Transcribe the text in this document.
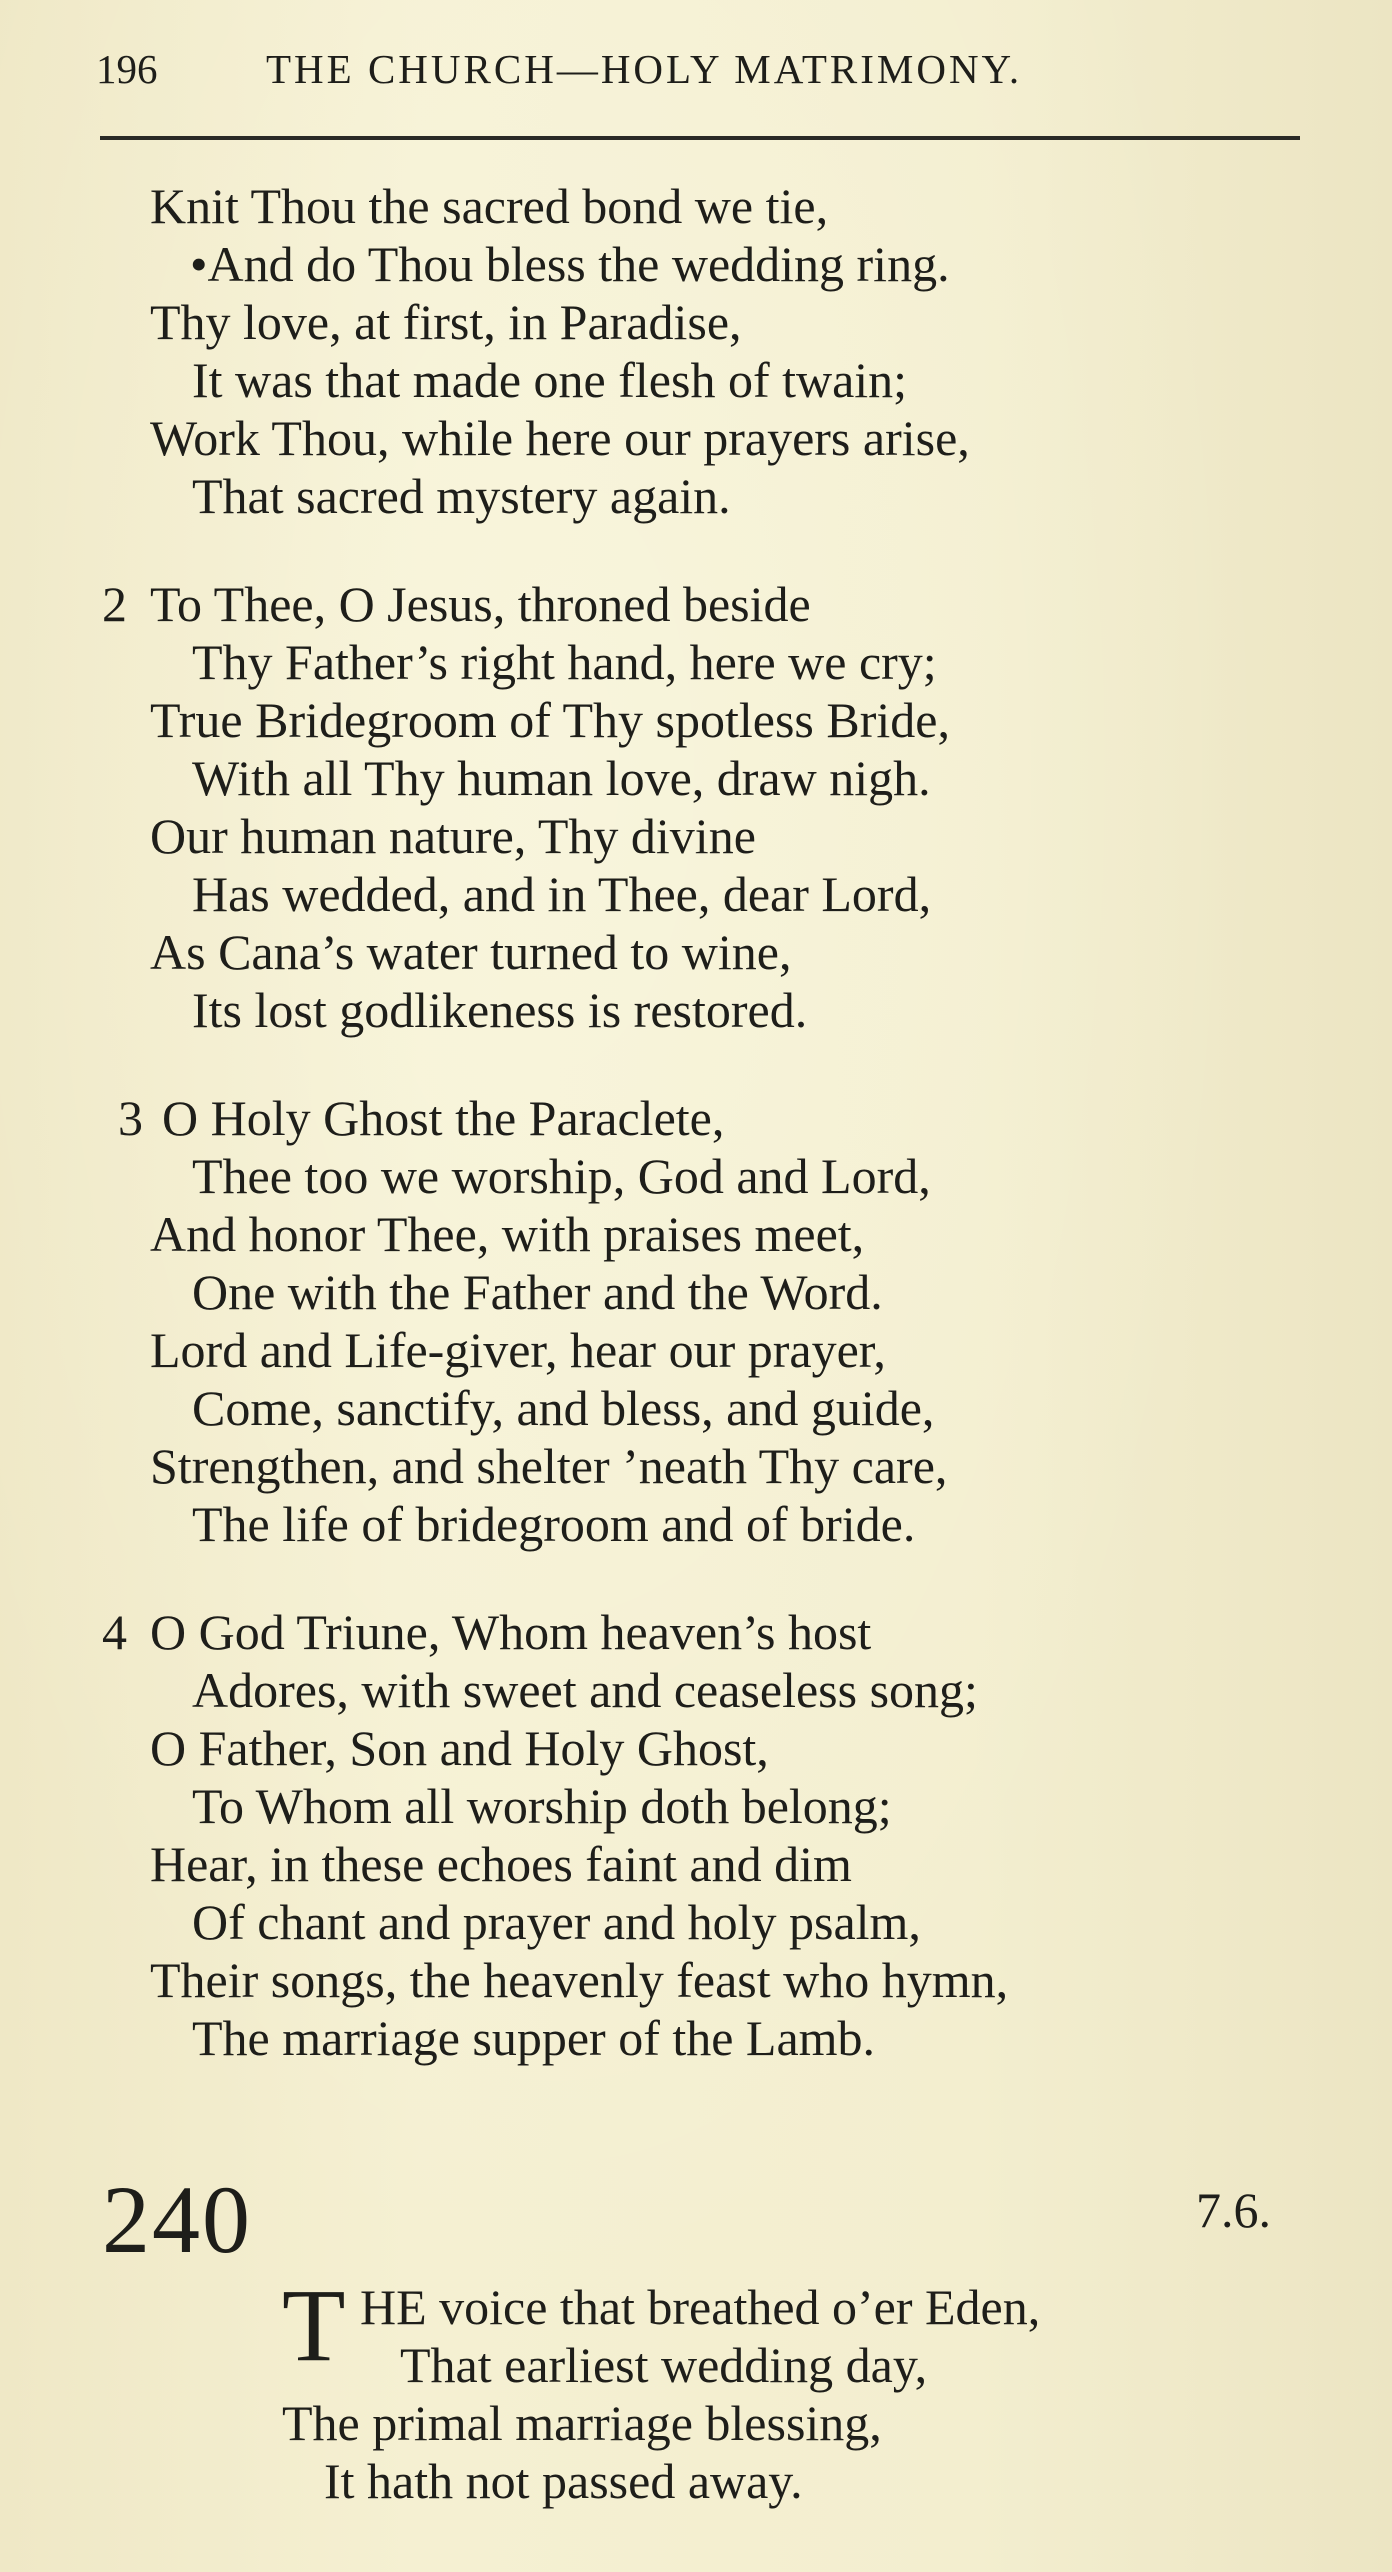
196	THE CHURCH—HOLY MATRIMONY.
Knit Thou the sacred bond we tie,
•And do Thou bless the wedding ring.
Thy love, at first, in Paradise,
It was that made one flesh of twain;
Work Thou, while here our prayers arise,
That sacred mystery again.
2 To Thee, O Jesus, throned beside
Thy Father’s right hand, here we cry;
True Bridegroom of Thy spotless Bride,
With all Thy human love, draw nigh.
Our human nature, Thy divine
Has wedded, and in Thee, dear Lord,
As Cana’s water turned to wine,
Its lost godlikeness is restored.
3 O Holy Ghost the Paraclete,
Thee too we worship, God and Lord,
And honor Thee, with praises meet,
One with the Father and the Word.
Lord and Life-giver, hear our prayer,
Come, sanctify, and bless, and guide,
Strengthen, and shelter ’neath Thy care,
The life of bridegroom and of bride.
4 O God Triune, Whom heaven’s host
Adores, with sweet and ceaseless song;
O Father, Son and Holy Ghost,
To Whom all worship doth belong;
Hear, in these echoes faint and dim
Of chant and prayer and holy psalm,
Their songs, the heavenly feast who hymn,
The marriage supper of the Lamb.
240	7.6.
T HE voice that breathed o’er Eden,
That earliest wedding day,
The primal marriage blessing,
It hath not passed away.
